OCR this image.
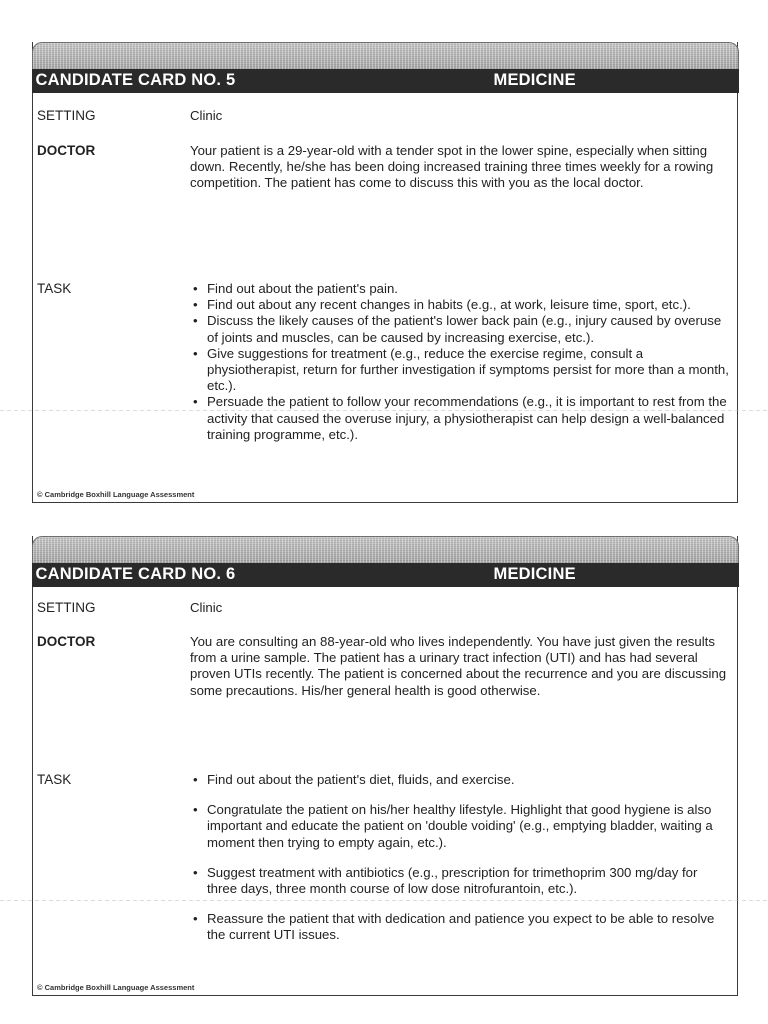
CANDIDATE CARD NO. 5	MEDICINE
SETTING	Clinic
DOCTOR	Your patient is a 29-year-old with a tender spot in the lower spine, especially when sitting down. Recently, he/she has been doing increased training three times weekly for a rowing competition. The patient has come to discuss this with you as the local doctor.
TASK	• Find out about the patient's pain.
• Find out about any recent changes in habits (e.g., at work, leisure time, sport, etc.).
• Discuss the likely causes of the patient's lower back pain (e.g., injury caused by overuse of joints and muscles, can be caused by increasing exercise, etc.).
• Give suggestions for treatment (e.g., reduce the exercise regime, consult a physiotherapist, return for further investigation if symptoms persist for more than a month, etc.).
• Persuade the patient to follow your recommendations (e.g., it is important to rest from the activity that caused the overuse injury, a physiotherapist can help design a well-balanced training programme, etc.).
© Cambridge Boxhill Language Assessment
CANDIDATE CARD NO. 6	MEDICINE
SETTING	Clinic
DOCTOR	You are consulting an 88-year-old who lives independently. You have just given the results from a urine sample. The patient has a urinary tract infection (UTI) and has had several proven UTIs recently. The patient is concerned about the recurrence and you are discussing some precautions. His/her general health is good otherwise.
TASK	• Find out about the patient's diet, fluids, and exercise.
• Congratulate the patient on his/her healthy lifestyle. Highlight that good hygiene is also important and educate the patient on 'double voiding' (e.g., emptying bladder, waiting a moment then trying to empty again, etc.).
• Suggest treatment with antibiotics (e.g., prescription for trimethoprim 300 mg/day for three days, three month course of low dose nitrofurantoin, etc.).
• Reassure the patient that with dedication and patience you expect to be able to resolve the current UTI issues.
© Cambridge Boxhill Language Assessment
